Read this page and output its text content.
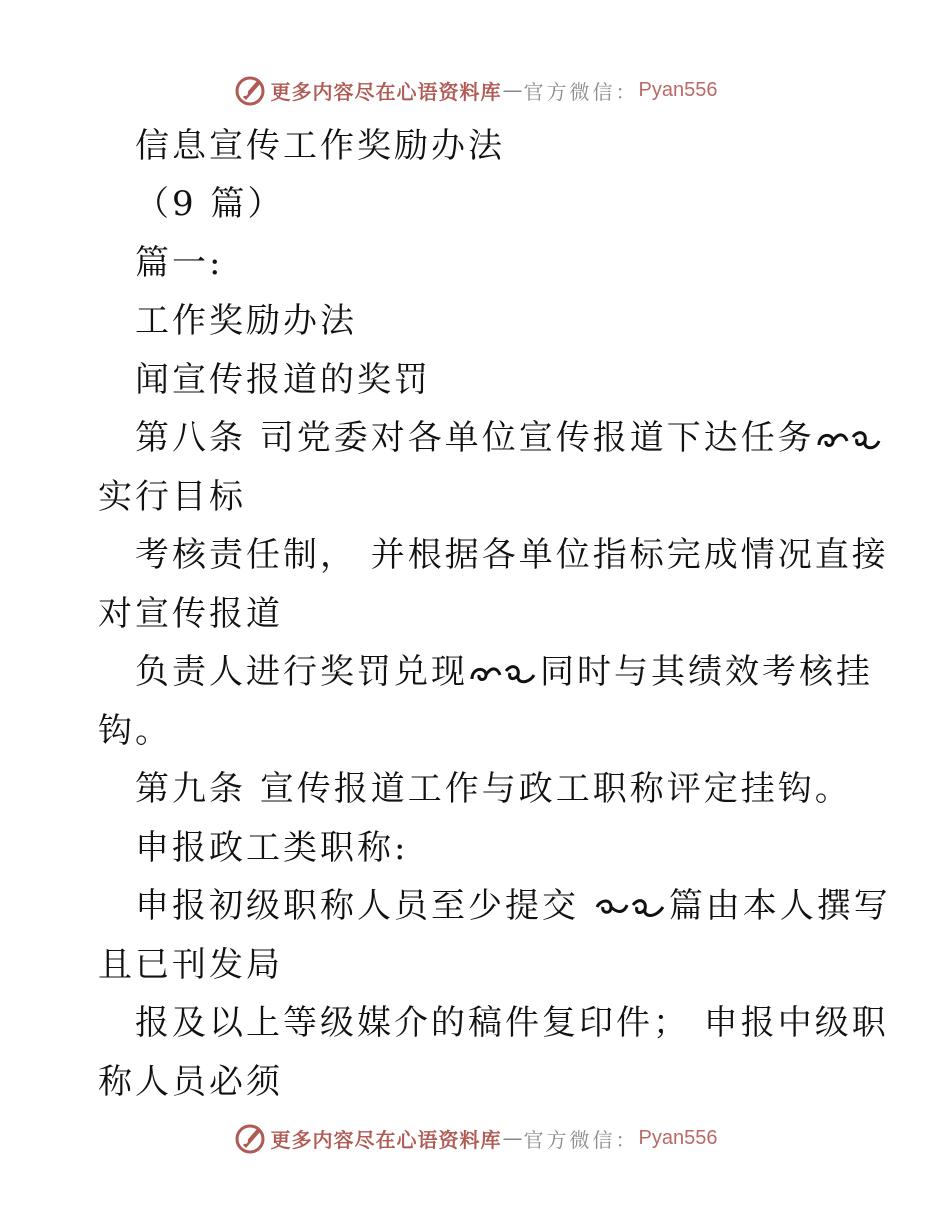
更多内容尽在心语资料库 — 官方微信： Pyan556
信息宣传工作奖励办法
（9 篇）
篇一:
工作奖励办法
闻宣传报道的奖罚
第八条 司党委对各单位宣传报道下达任务
实行目标
考核责任制， 并根据各单位指标完成情况直接
对宣传报道
负责人进行奖罚兑现 同时与其绩效考核挂
钩。
第九条 宣传报道工作与政工职称评定挂钩。
申报政工类职称:
申报初级职称人员至少提交 篇由本人撰写
且已刊发局
报及以上等级媒介的稿件复印件； 申报中级职
称人员必须
更多内容尽在心语资料库 — 官方微信： Pyan556
